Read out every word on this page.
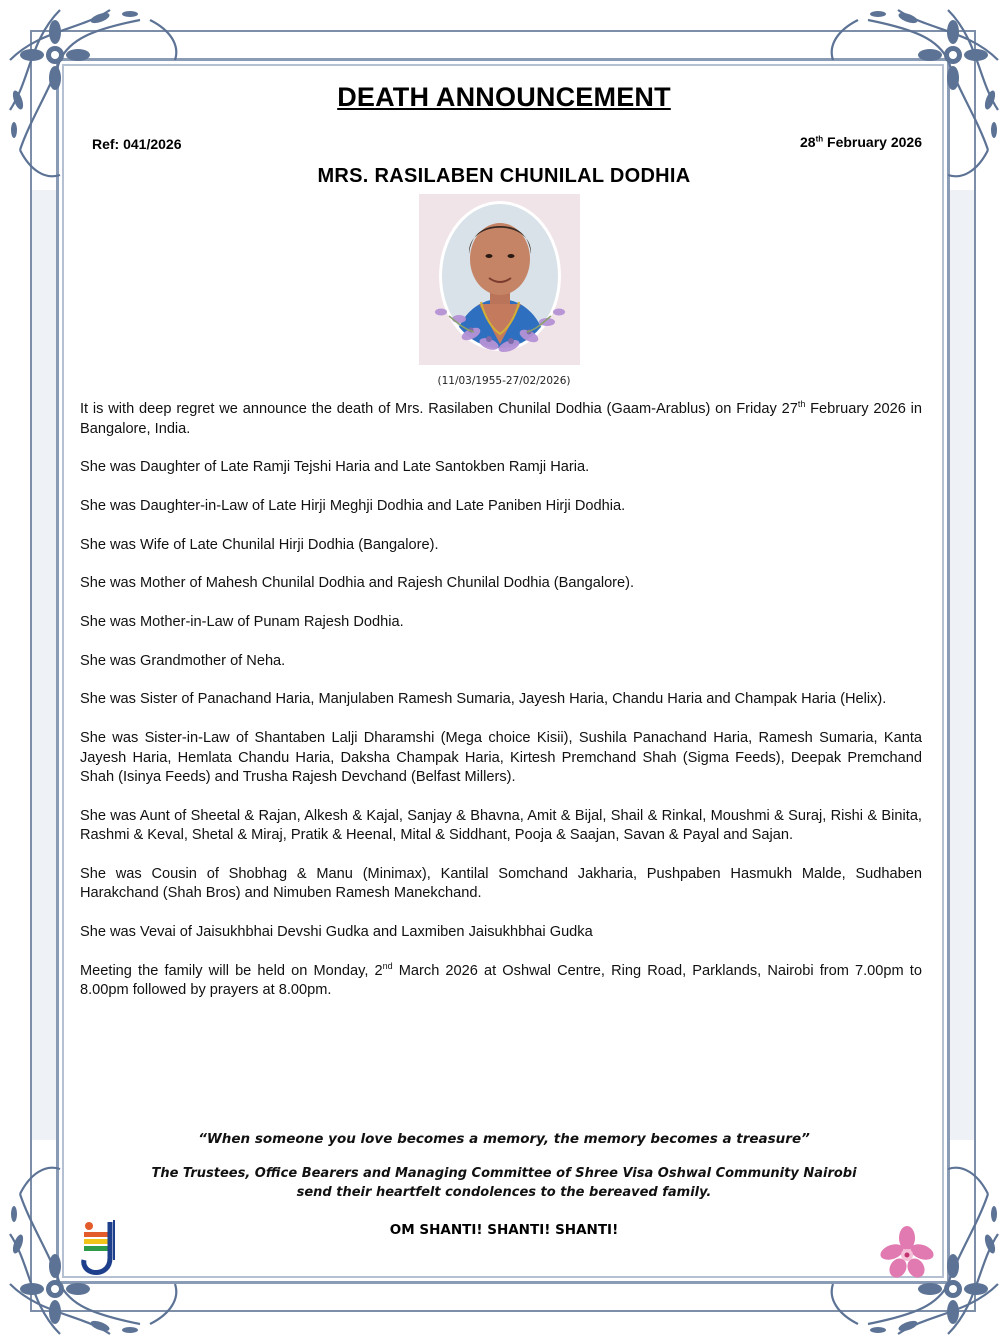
DEATH ANNOUNCEMENT
Ref: 041/2026	28th February 2026
MRS. RASILABEN CHUNILAL DODHIA
(11/03/1955-27/02/2026)

It is with deep regret we announce the death of Mrs. Rasilaben Chunilal Dodhia (Gaam-Arablus) on Friday 27th February 2026 in Bangalore, India.

She was Daughter of Late Ramji Tejshi Haria and Late Santokben Ramji Haria.

She was Daughter-in-Law of Late Hirji Meghji Dodhia and Late Paniben Hirji Dodhia.

She was Wife of Late Chunilal Hirji Dodhia (Bangalore).

She was Mother of Mahesh Chunilal Dodhia and Rajesh Chunilal Dodhia (Bangalore).

She was Mother-in-Law of Punam Rajesh Dodhia.

She was Grandmother of Neha.

She was Sister of Panachand Haria, Manjulaben Ramesh Sumaria, Jayesh Haria, Chandu Haria and Champak Haria (Helix).

She was Sister-in-Law of Shantaben Lalji Dharamshi (Mega choice Kisii), Sushila Panachand Haria, Ramesh Sumaria, Kanta Jayesh Haria, Hemlata Chandu Haria, Daksha Champak Haria, Kirtesh Premchand Shah (Sigma Feeds), Deepak Premchand Shah (Isinya Feeds) and Trusha Rajesh Devchand (Belfast Millers).

She was Aunt of Sheetal & Rajan, Alkesh & Kajal, Sanjay & Bhavna, Amit & Bijal, Shail & Rinkal, Moushmi & Suraj, Rishi & Binita, Rashmi & Keval, Shetal & Miraj, Pratik & Heenal, Mital & Siddhant, Pooja & Saajan, Savan & Payal and Sajan.

She was Cousin of Shobhag & Manu (Minimax), Kantilal Somchand Jakharia, Pushpaben Hasmukh Malde, Sudhaben Harakchand (Shah Bros) and Nimuben Ramesh Manekchand.

She was Vevai of Jaisukhbhai Devshi Gudka and Laxmiben Jaisukhbhai Gudka

Meeting the family will be held on Monday, 2nd March 2026 at Oshwal Centre, Ring Road, Parklands, Nairobi from 7.00pm to 8.00pm followed by prayers at 8.00pm.

“When someone you love becomes a memory, the memory becomes a treasure”
The Trustees, Office Bearers and Managing Committee of Shree Visa Oshwal Community Nairobi
send their heartfelt condolences to the bereaved family.
OM SHANTI! SHANTI! SHANTI!
